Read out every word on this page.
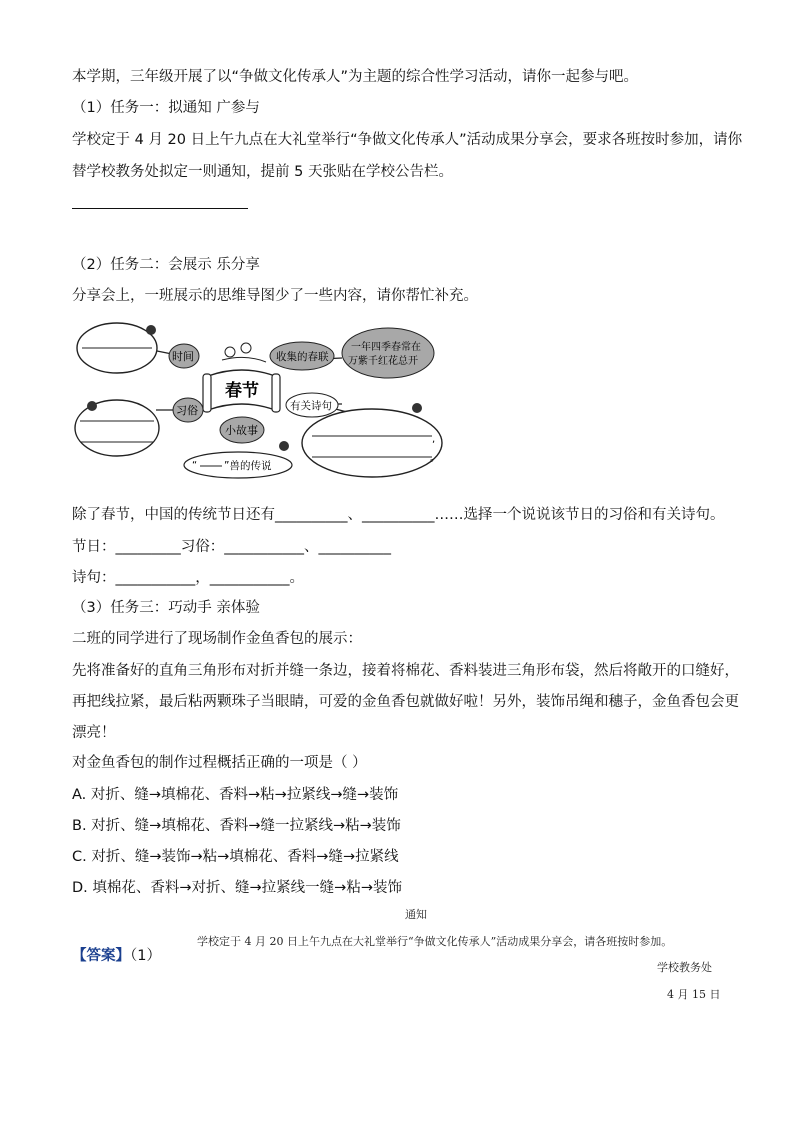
本学期，三年级开展了以“争做文化传承人”为主题的综合性学习活动，请你一起参与吧。
（1）任务一：拟通知 广参与
学校定于 4 月 20 日上午九点在大礼堂举行“争做文化传承人”活动成果分享会，要求各班按时参加，请你
替学校教务处拟定一则通知，提前 5 天张贴在学校公告栏。
（2）任务二：会展示 乐分享
分享会上，一班展示的思维导图少了一些内容，请你帮忙补充。
,
。
春节
时间
习俗
小故事
收集的春联
有关诗句
一年四季春常在
万紫千红花总开
“	”兽的传说
除了春节，中国的传统节日还有__________、__________……选择一个说说该节日的习俗和有关诗句。
节日：_________习俗：___________、__________
诗句：___________，___________。
（3）任务三：巧动手 亲体验
二班的同学进行了现场制作金鱼香包的展示：
先将准备好的直角三角形布对折并缝一条边，接着将棉花、香料装进三角形布袋，然后将敞开的口缝好，
再把线拉紧，最后粘两颗珠子当眼睛，可爱的金鱼香包就做好啦！另外，装饰吊绳和穗子，金鱼香包会更
漂亮！
对金鱼香包的制作过程概括正确的一项是（ ）
A. 对折、缝→填棉花、香料→粘→拉紧线→缝→装饰
B. 对折、缝→填棉花、香料→缝一拉紧线→粘→装饰
C. 对折、缝→装饰→粘→填棉花、香料→缝→拉紧线
D. 填棉花、香料→对折、缝→拉紧线一缝→粘→装饰
通知
学校定于 4 月 20 日上午九点在大礼堂举行“争做文化传承人”活动成果分享会，请各班按时参加。
【答案】（1）
学校教务处
4 月 15 日
